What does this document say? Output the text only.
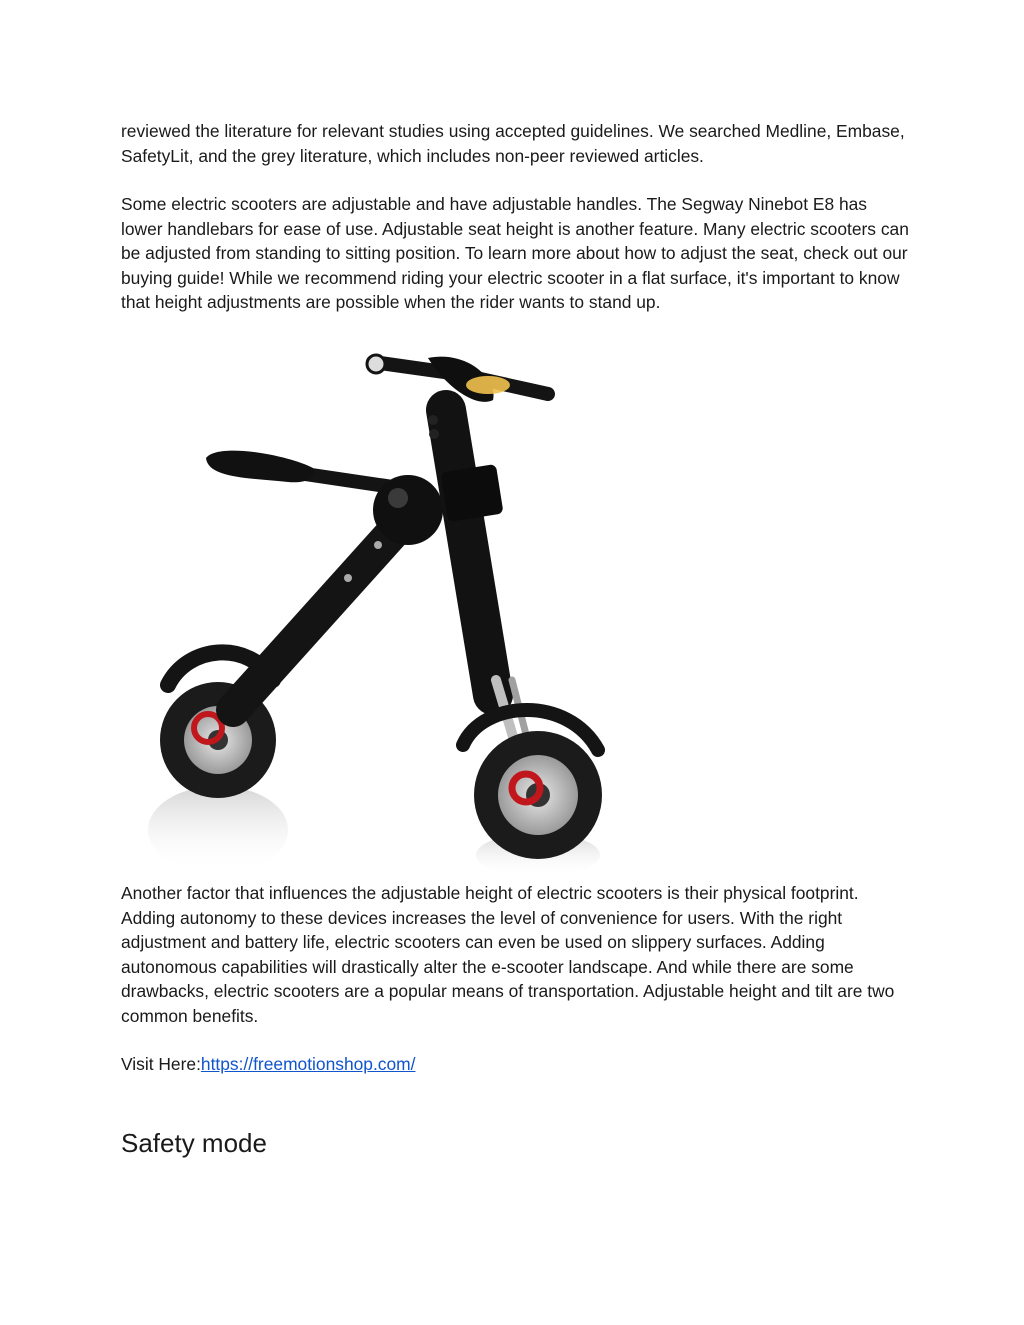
reviewed the literature for relevant studies using accepted guidelines. We searched Medline, Embase, SafetyLit, and the grey literature, which includes non-peer reviewed articles.

Some electric scooters are adjustable and have adjustable handles. The Segway Ninebot E8 has lower handlebars for ease of use. Adjustable seat height is another feature. Many electric scooters can be adjusted from standing to sitting position. To learn more about how to adjust the seat, check out our buying guide! While we recommend riding your electric scooter in a flat surface, it's important to know that height adjustments are possible when the rider wants to stand up.

Another factor that influences the adjustable height of electric scooters is their physical footprint. Adding autonomy to these devices increases the level of convenience for users. With the right adjustment and battery life, electric scooters can even be used on slippery surfaces. Adding autonomous capabilities will drastically alter the e-scooter landscape. And while there are some drawbacks, electric scooters are a popular means of transportation. Adjustable height and tilt are two common benefits.

Visit Here:https://freemotionshop.com/

Safety mode
